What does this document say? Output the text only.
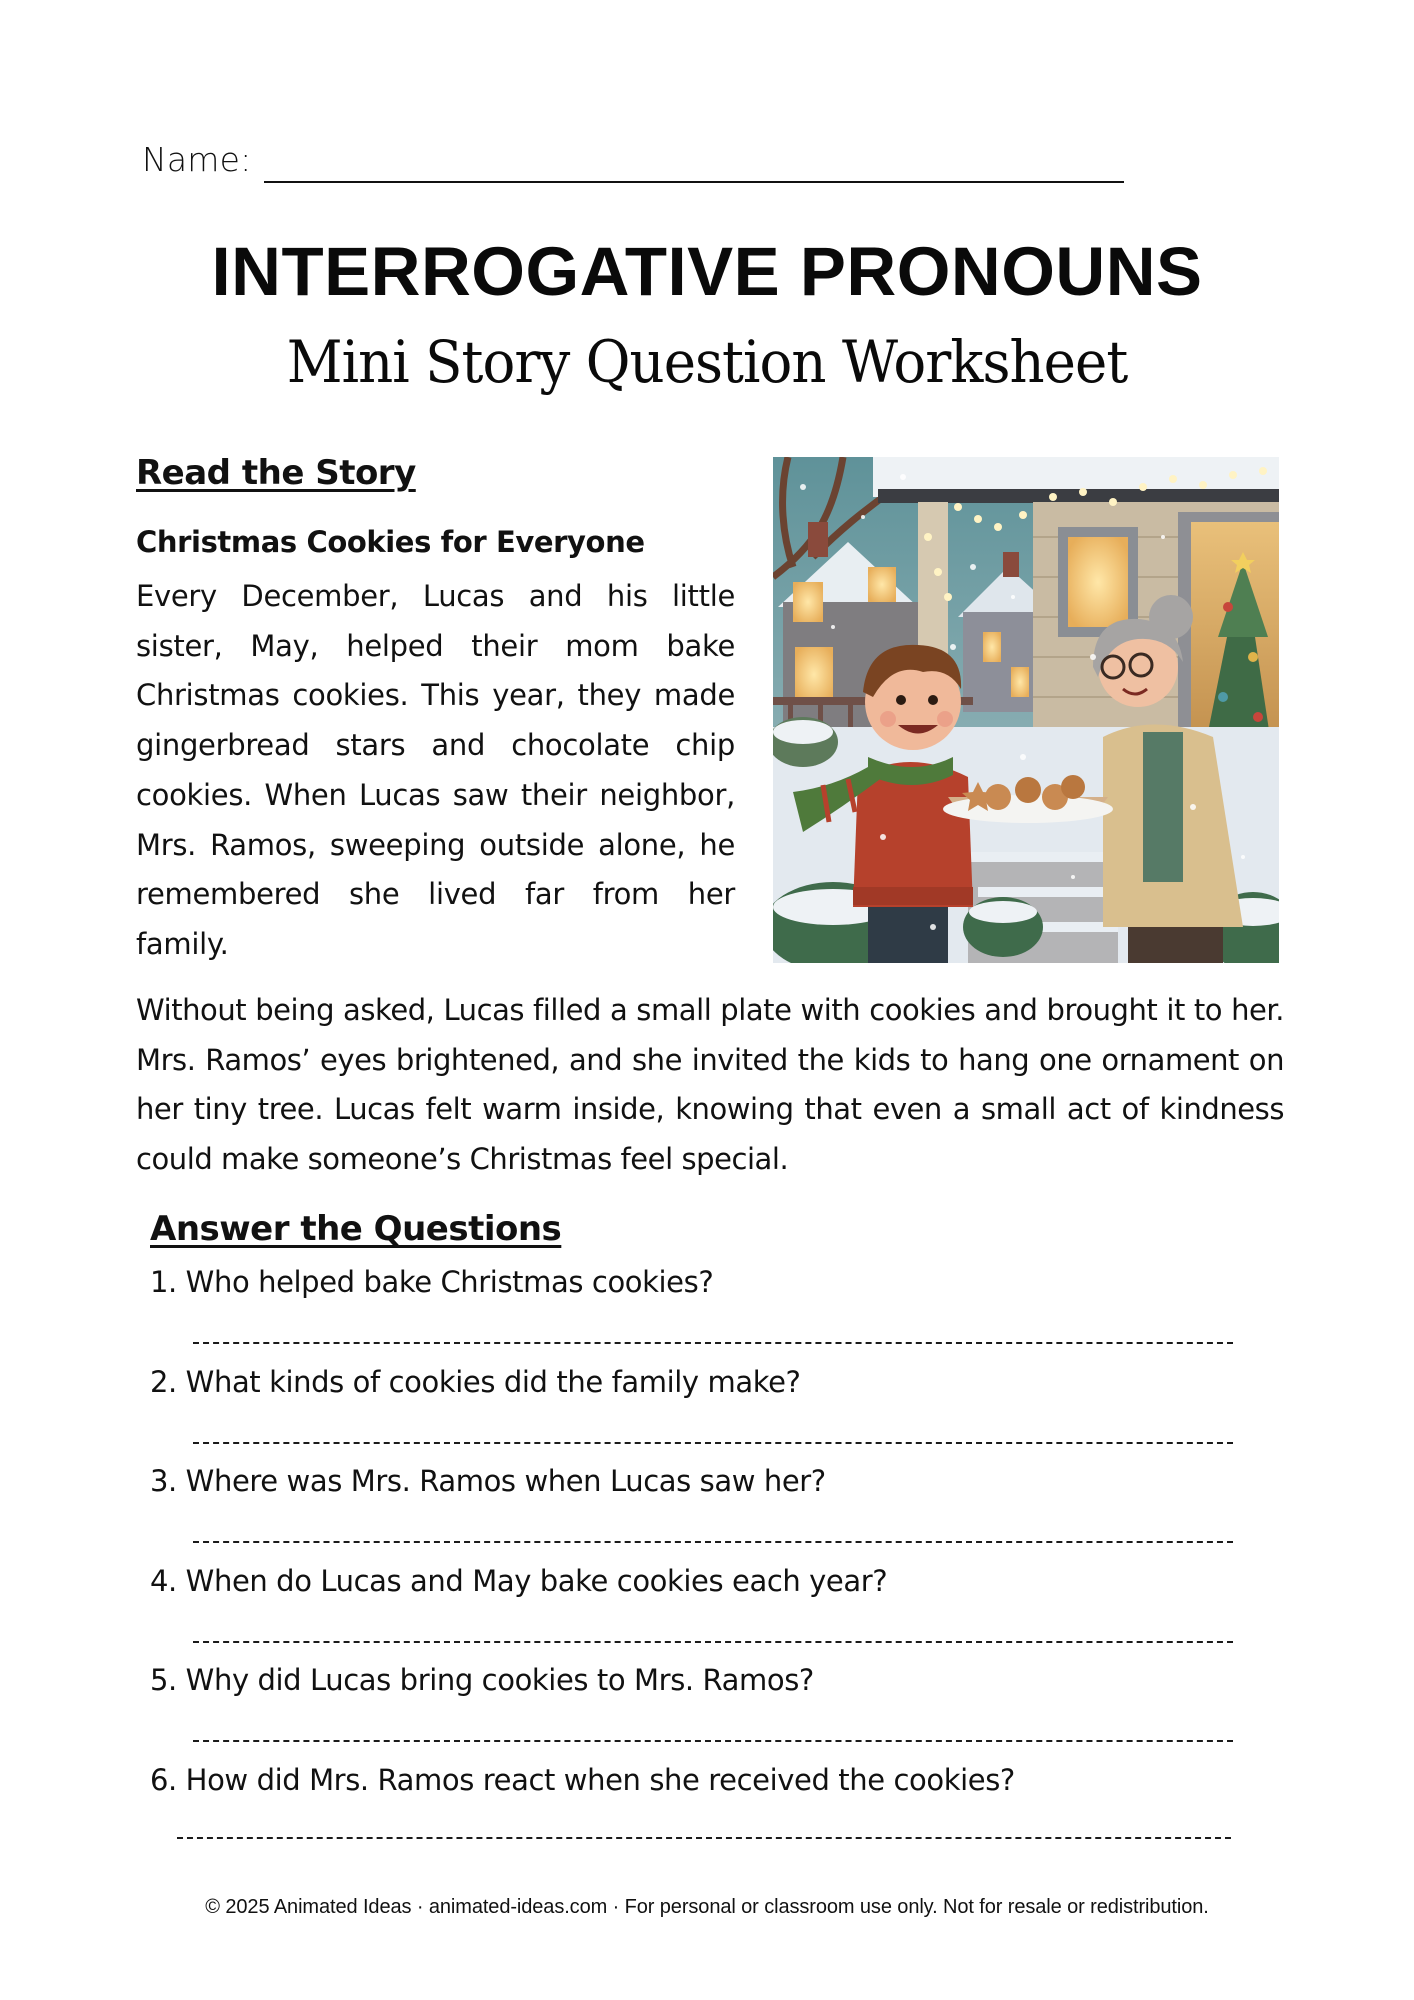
Name:
INTERROGATIVE PRONOUNS
Mini Story Question Worksheet
Read the Story
Christmas Cookies for Everyone

Every December, Lucas and his little sister, May, helped their mom bake Christmas cookies. This year, they made gingerbread stars and chocolate chip cookies. When Lucas saw their neighbor, Mrs. Ramos, sweeping outside alone, he remembered she lived far from her family.

Without being asked, Lucas filled a small plate with cookies and brought it to her. Mrs. Ramos’ eyes brightened, and she invited the kids to hang one ornament on her tiny tree. Lucas felt warm inside, knowing that even a small act of kindness could make someone’s Christmas feel special.

Answer the Questions
1. Who helped bake Christmas cookies?
2. What kinds of cookies did the family make?
3. Where was Mrs. Ramos when Lucas saw her?
4. When do Lucas and May bake cookies each year?
5. Why did Lucas bring cookies to Mrs. Ramos?
6. How did Mrs. Ramos react when she received the cookies?
© 2025 Animated Ideas · animated-ideas.com · For personal or classroom use only. Not for resale or redistribution.
